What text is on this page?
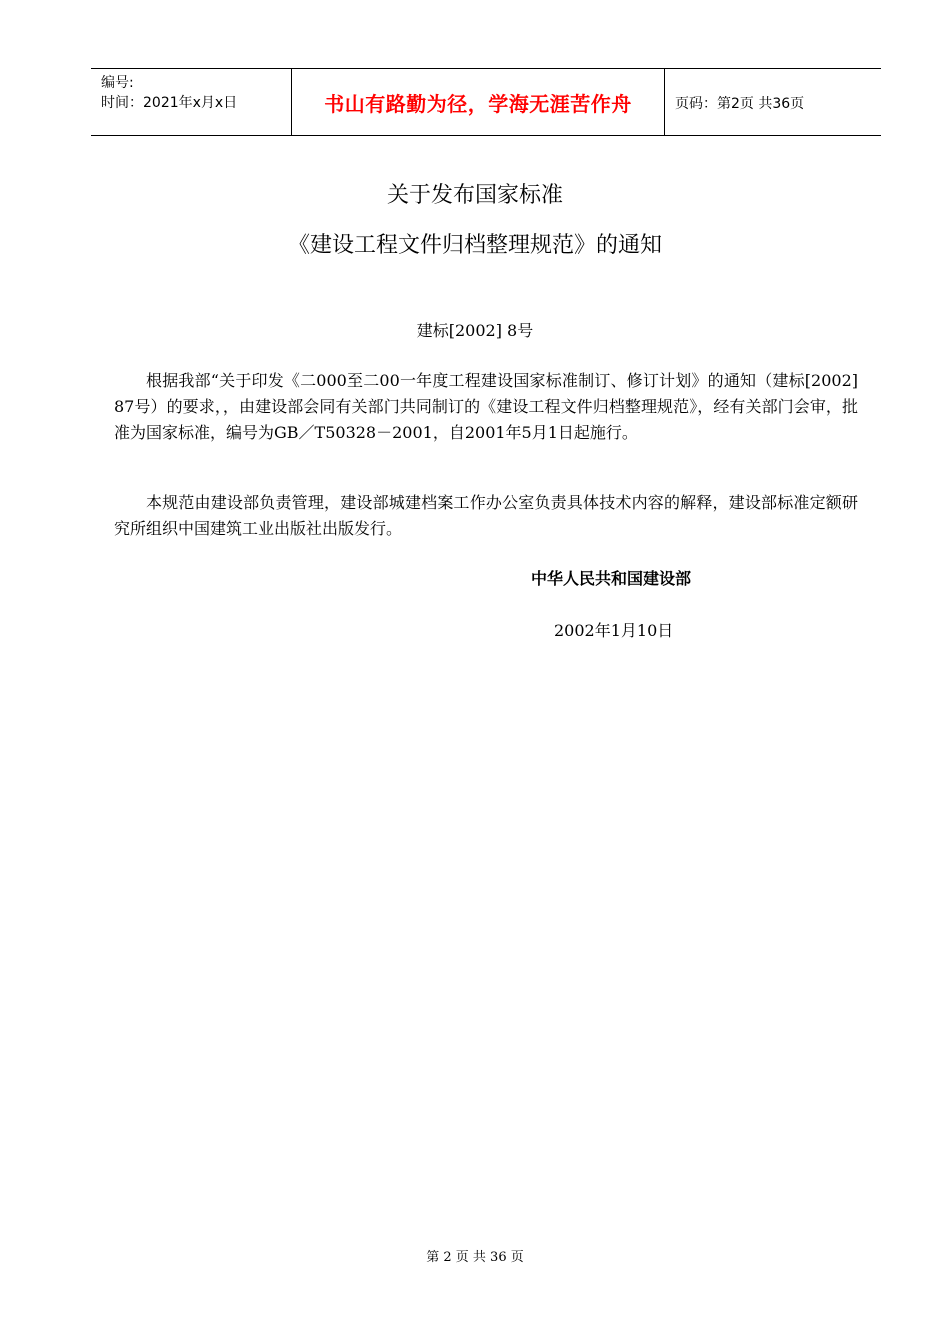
编号:
时间：2021年x月x日	书山有路勤为径，学海无涯苦作舟	页码：第2页 共36页
关于发布国家标准
《建设工程文件归档整理规范》的通知
建标[2002] 8号

根据我部“关于印发《二000至二00一年度工程建设国家标准制订、修订计划》的通知（建标[2002] 87号）的要求，，由建设部会同有关部门共同制订的《建设工程文件归档整理规范》，经有关部门会审，批准为国家标准，编号为GB／T50328－2001，自2001年5月1日起施行。

本规范由建设部负责管理，建设部城建档案工作办公室负责具体技术内容的解释，建设部标准定额研究所组织中国建筑工业出版社出版发行。

中华人民共和国建设部
2002年1月10日
第 2 页 共 36 页
